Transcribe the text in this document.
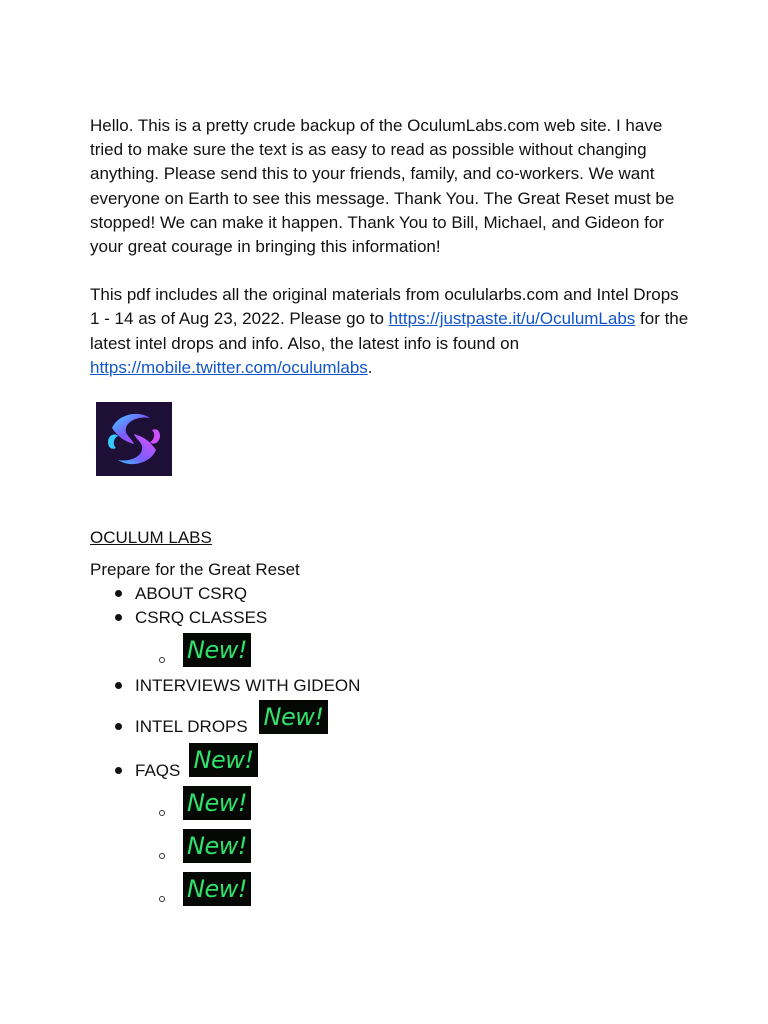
Hello. This is a pretty crude backup of the OculumLabs.com web site. I have tried to make sure the text is as easy to read as possible without changing anything. Please send this to your friends, family, and co-workers. We want everyone on Earth to see this message. Thank You. The Great Reset must be stopped! We can make it happen. Thank You to Bill, Michael, and Gideon for your great courage in bringing this information!

This pdf includes all the original materials from oculularbs.com and Intel Drops 1 - 14 as of Aug 23, 2022. Please go to https://justpaste.it/u/OculumLabs for the latest intel drops and info. Also, the latest info is found on https://mobile.twitter.com/oculumlabs.

OCULUM LABS
Prepare for the Great Reset
ABOUT CSRQ
CSRQ CLASSES
New!
INTERVIEWS WITH GIDEON
INTEL DROPS New!
FAQS New!
New!
New!
New!
